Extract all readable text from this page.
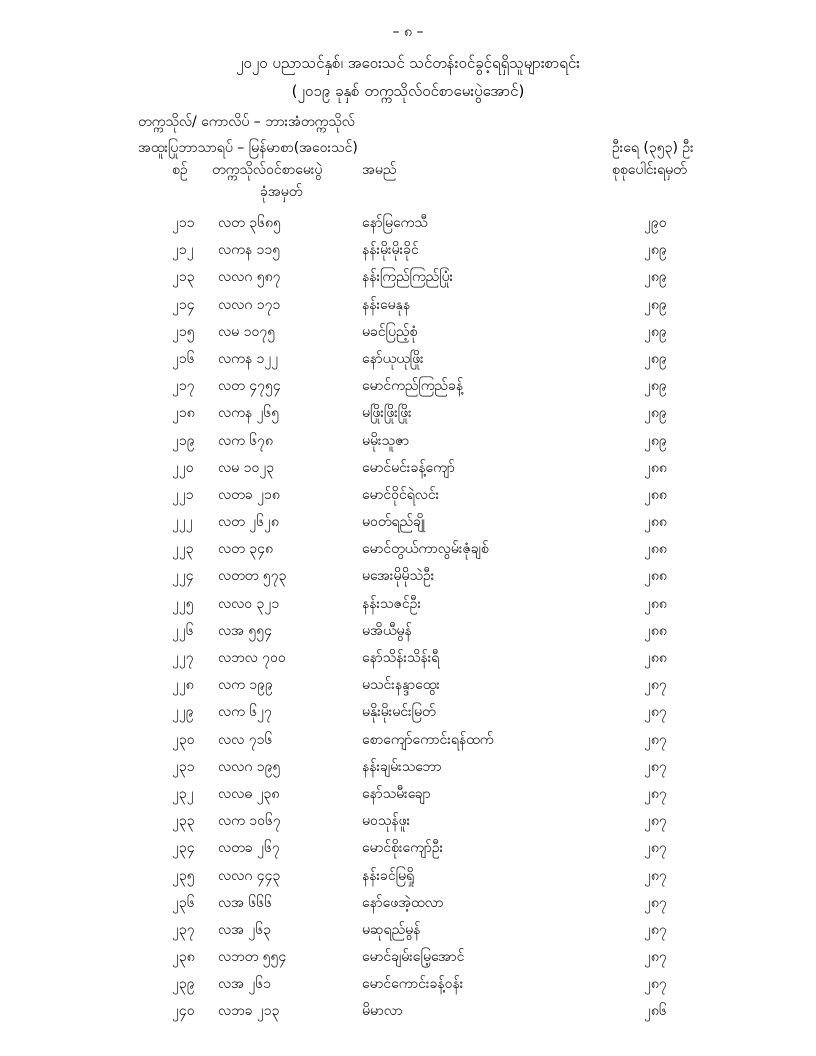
– ၈ –
၂၀၂၀ ပညာသင်နှစ်၊ အဝေးသင် သင်တန်းဝင်ခွင့်ရရှိသူများစာရင်း
(၂၀၁၉ ခုနှစ် တက္ကသိုလ်ဝင်စာမေးပွဲအောင်)
တက္ကသိုလ်/ ကောလိပ် – ဘားအံတက္ကသိုလ်
အထူးပြုဘာသာရပ် – မြန်မာစာ(အဝေးသင်)	ဦးရေ (၃၅၃) ဦး
စဉ် တက္ကသိုလ်ဝင်စာမေးပွဲ
ခုံအမှတ်
အမည်	စုစုပေါင်းရမှတ်
၂၁၁ လတ ၃၆၈၅	နော်မြကေသီ	၂၉၀
၂၁၂ လကန ၁၁၅	နန်းမိုးမိုးခိုင်	၂၈၉
၂၁၃ လလဂ ၅၈၇	နန်းကြည်ကြည်ပြုံး	၂၈၉
၂၁၄ လလဂ ၁၇၁	နန်းမေနုန	၂၈၉
၂၁၅ လမ ၁၀၇၅	မခင်ပြည့်စုံ	၂၈၉
၂၁၆ လကန ၁၂၂	နော်ယုယုဖြိုး	၂၈၉
၂၁၇ လတ ၄၇၅၄	မောင်ကည်ကြည်ခန့်	၂၈၉
၂၁၈ လကန ၂၆၅	မဖြိုးဖြိုးဖြိုး	၂၈၉
၂၁၉ လက ၆၇၈	မမိုးသူဇာ	၂၈၉
၂၂၀ လမ ၁၀၂၃	မောင်မင်းခန့်ကျော်	၂၈၈
၂၂၁ လတခ ၂၁၈	မောင်ဝိုင်ရဲလင်း	၂၈၈
၂၂၂ လတ ၂၆၂၈	မဝတ်ရည်ချို	၂၈၈
၂၂၃ လတ ၃၄၈	မောင်တွယ်ကာလွမ်းဇုံချစ်	၂၈၈
၂၂၄ လတတ ၅၇၃	မအေးမိုမိုသဲဦး	၂၈၈
၂၂၅ လလဝ ၃၂၁	နန်းသဇင်ဦး	၂၈၈
၂၂၆ လအ ၅၅၄	မအိယီမွန်	၂၈၈
၂၂၇ လဘလ ၇၀၀	နော်သိန်းသိန်းရီ	၂၈၈
၂၂၈ လက ၁၉၉	မသင်းနန္ဒာထွေး	၂၈၇
၂၂၉ လက ၆၂၇	မနိုးမိုးမင်းမြတ်	၂၈၇
၂၃၀ လလ ၇၁၆	စောကျော်ကောင်းရန်ထက်	၂၈၇
၂၃၁ လလဂ ၁၉၅	နန်းချမ်းသဘော	၂၈၇
၂၃၂ လလဓ ၂၃၈	နော်သမီးချော	၂၈၇
၂၃၃ လက ၁၀၆၇	မဝသုန်ဖူး	၂၈၇
၂၃၄ လတခ ၂၆၇	မောင်စိုးကျော်ဦး	၂၈၇
၂၃၅ လလဂ ၄၄၃	နန်းခင်မြရှို	၂၈၇
၂၃၆ လအ ၆၆၆	နော်ဖေအဲ့ထလာ	၂၈၇
၂၃၇ လအ ၂၆၃	မဆုရည်မွန်	၂၈၇
၂၃၈ လဘတ ၅၅၄	မောင်ချမ်းမြေ့အောင်	၂၈၇
၂၃၉ လအ ၂၆၁	မောင်ကောင်းခန့်ဝန်း	၂၈၇
၂၄၀ လဘခ ၂၁၃	မိမာလာ	၂၈၆
